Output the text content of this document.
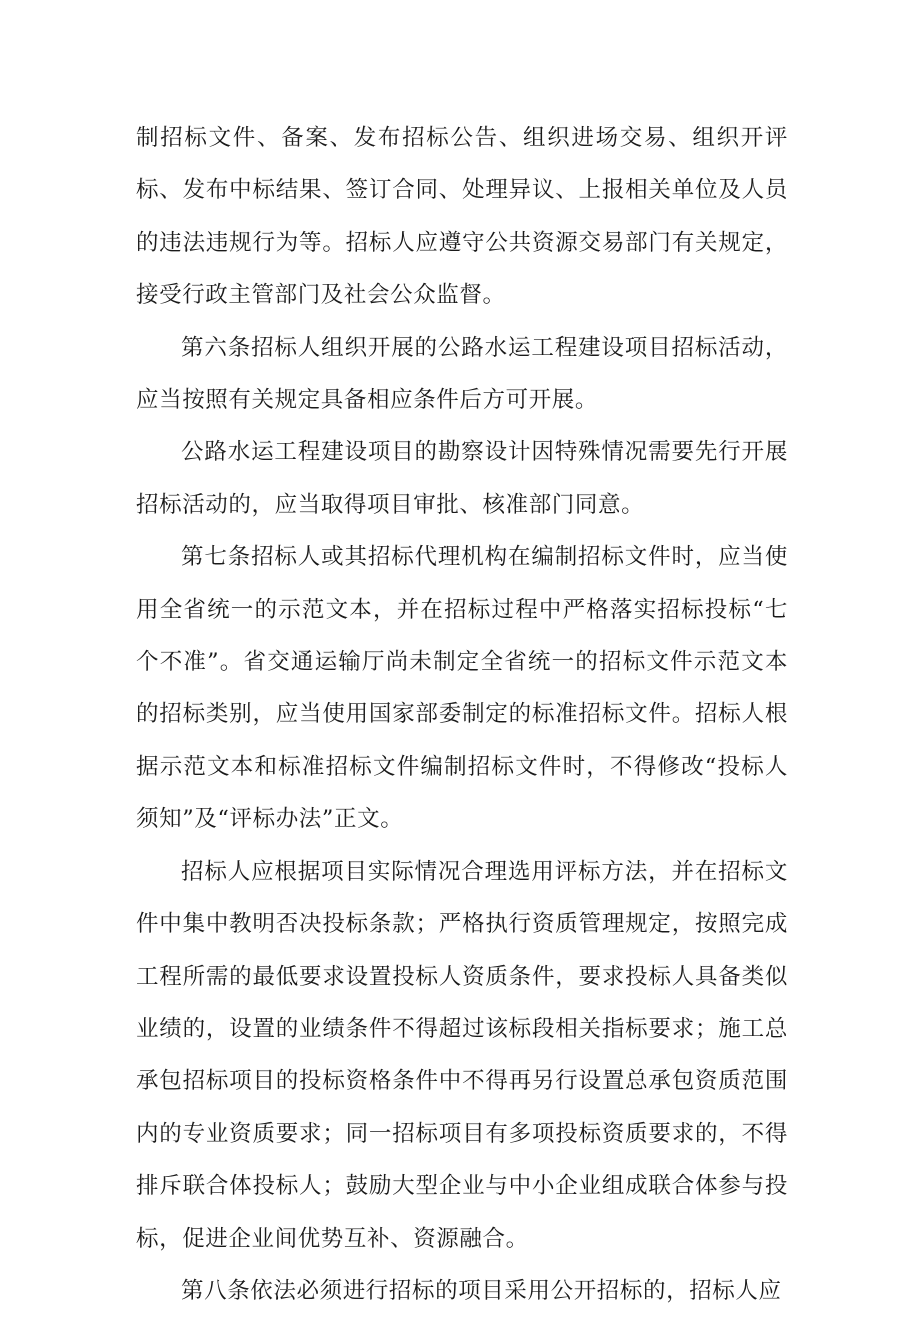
制招标文件、备案、发布招标公告、组织进场交易、组织开评标、发布中标结果、签订合同、处理异议、上报相关单位及人员的违法违规行为等。招标人应遵守公共资源交易部门有关规定，接受行政主管部门及社会公众监督。

第六条招标人组织开展的公路水运工程建设项目招标活动，应当按照有关规定具备相应条件后方可开展。

公路水运工程建设项目的勘察设计因特殊情况需要先行开展招标活动的，应当取得项目审批、核准部门同意。

第七条招标人或其招标代理机构在编制招标文件时，应当使用全省统一的示范文本，并在招标过程中严格落实招标投标“七个不准”。省交通运输厅尚未制定全省统一的招标文件示范文本的招标类别，应当使用国家部委制定的标准招标文件。招标人根据示范文本和标准招标文件编制招标文件时，不得修改“投标人须知”及“评标办法”正文。

招标人应根据项目实际情况合理选用评标方法，并在招标文件中集中教明否决投标条款；严格执行资质管理规定，按照完成工程所需的最低要求设置投标人资质条件，要求投标人具备类似业绩的，设置的业绩条件不得超过该标段相关指标要求；施工总承包招标项目的投标资格条件中不得再另行设置总承包资质范围内的专业资质要求；同一招标项目有多项投标资质要求的，不得排斥联合体投标人；鼓励大型企业与中小企业组成联合体参与投标，促进企业间优势互补、资源融合。

第八条依法必须进行招标的项目采用公开招标的，招标人应
